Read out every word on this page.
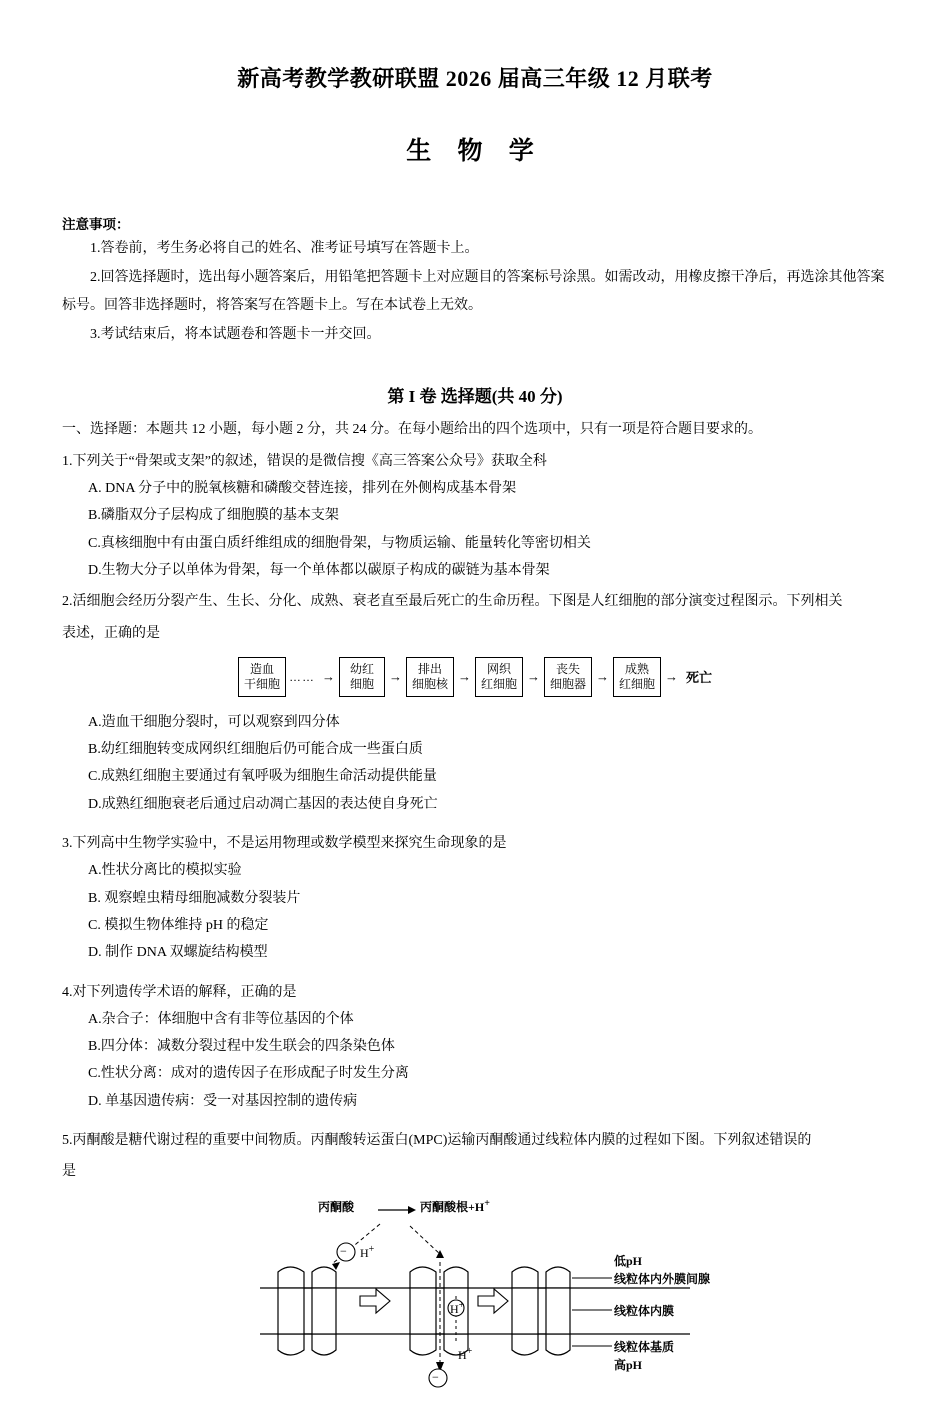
新高考教学教研联盟 2026 届高三年级 12 月联考
生 物 学
注意事项：
1.答卷前，考生务必将自己的姓名、准考证号填写在答题卡上。
2.回答选择题时，选出每小题答案后，用铅笔把答题卡上对应题目的答案标号涂黑。如需改动，用橡皮擦干净后，再选涂其他答案标号。回答非选择题时，将答案写在答题卡上。写在本试卷上无效。
3.考试结束后，将本试题卷和答题卡一并交回。
第 I 卷 选择题(共 40 分)
一、选择题：本题共 12 小题，每小题 2 分，共 24 分。在每小题给出的四个选项中，只有一项是符合题目要求的。
1.下列关于“骨架或支架”的叙述，错误的是微信搜《高三答案公众号》获取全科
A. DNA 分子中的脱氧核糖和磷酸交替连接，排列在外侧构成基本骨架
B.磷脂双分子层构成了细胞膜的基本支架
C.真核细胞中有由蛋白质纤维组成的细胞骨架，与物质运输、能量转化等密切相关
D.生物大分子以单体为骨架，每一个单体都以碳原子构成的碳链为基本骨架
2.活细胞会经历分裂产生、生长、分化、成熟、衰老直至最后死亡的生命历程。下图是人红细胞的部分演变过程图示。下列相关
表述，正确的是
造血
干细胞 …… →
幼红
细胞	→
排出
细胞核 →
网织
红细胞 →
丧失
细胞器 →
成熟
红细胞 → 死亡
A.造血干细胞分裂时，可以观察到四分体
B.幼红细胞转变成网织红细胞后仍可能合成一些蛋白质
C.成熟红细胞主要通过有氧呼吸为细胞生命活动提供能量
D.成熟红细胞衰老后通过启动凋亡基因的表达使自身死亡
3.下列高中生物学实验中，不是运用物理或数学模型来探究生命现象的是
A.性状分离比的模拟实验
B. 观察蝗虫精母细胞减数分裂装片
C. 模拟生物体维持 pH 的稳定
D. 制作 DNA 双螺旋结构模型
4.对下列遗传学术语的解释，正确的是
A.杂合子：体细胞中含有非等位基因的个体
B.四分体：减数分裂过程中发生联会的四条染色体
C.性状分离：成对的遗传因子在形成配子时发生分离
D. 单基因遗传病：受一对基因控制的遗传病
5.丙酮酸是糖代谢过程的重要中间物质。丙酮酸转运蛋白(MPC)运输丙酮酸通过线粒体内膜的过程如下图。下列叙述错误的
是
丙酮酸	丙酮酸根+H+
−
−
H+
H+
H+
低pH
线粒体内外膜间腺
线粒体内膜
线粒体基质
高pH
